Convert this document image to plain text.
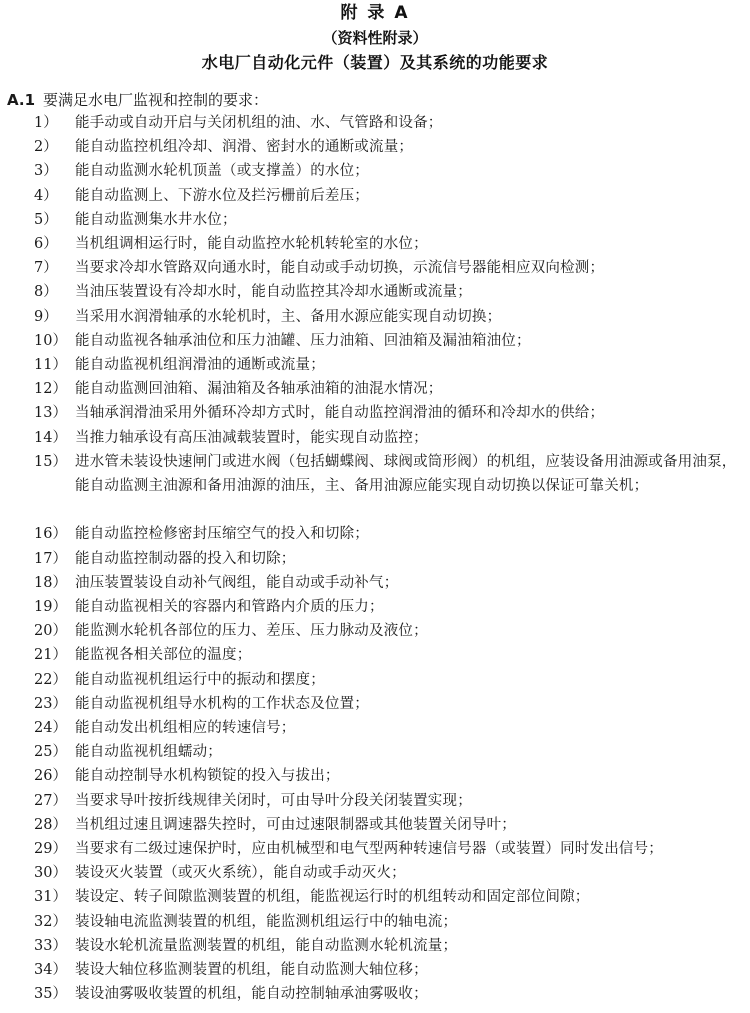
附 录 A
（资料性附录）
水电厂自动化元件（装置）及其系统的功能要求
A.1 要满足水电厂监视和控制的要求：
1）	能手动或自动开启与关闭机组的油、水、气管路和设备；
2）	能自动监控机组冷却、润滑、密封水的通断或流量；
3）	能自动监测水轮机顶盖（或支撑盖）的水位；
4）	能自动监测上、下游水位及拦污栅前后差压；
5）	能自动监测集水井水位；
6）	当机组调相运行时，能自动监控水轮机转轮室的水位；
7）	当要求冷却水管路双向通水时，能自动或手动切换，示流信号器能相应双向检测；
8）	当油压装置设有冷却水时，能自动监控其冷却水通断或流量；
9）	当采用水润滑轴承的水轮机时，主、备用水源应能实现自动切换；
10） 能自动监视各轴承油位和压力油罐、压力油箱、回油箱及漏油箱油位；
11） 能自动监视机组润滑油的通断或流量；
12） 能自动监测回油箱、漏油箱及各轴承油箱的油混水情况；
13） 当轴承润滑油采用外循环冷却方式时，能自动监控润滑油的循环和冷却水的供给；
14） 当推力轴承设有高压油减载装置时，能实现自动监控；
15） 进水管未装设快速闸门或进水阀（包括蝴蝶阀、球阀或筒形阀）的机组，应装设备用油源或备用油泵，能自动监测主油源和备用油源的油压，主、备用油源应能实现自动切换以保证可靠关机；
16） 能自动监控检修密封压缩空气的投入和切除；
17） 能自动监控制动器的投入和切除；
18） 油压装置装设自动补气阀组，能自动或手动补气；
19） 能自动监视相关的容器内和管路内介质的压力；
20） 能监测水轮机各部位的压力、差压、压力脉动及液位；
21） 能监视各相关部位的温度；
22） 能自动监视机组运行中的振动和摆度；
23） 能自动监视机组导水机构的工作状态及位置；
24） 能自动发出机组相应的转速信号；
25） 能自动监视机组蠕动；
26） 能自动控制导水机构锁锭的投入与拔出；
27） 当要求导叶按折线规律关闭时，可由导叶分段关闭装置实现；
28） 当机组过速且调速器失控时，可由过速限制器或其他装置关闭导叶；
29） 当要求有二级过速保护时，应由机械型和电气型两种转速信号器（或装置）同时发出信号；
30） 装设灭火装置（或灭火系统），能自动或手动灭火；
31） 装设定、转子间隙监测装置的机组，能监视运行时的机组转动和固定部位间隙；
32） 装设轴电流监测装置的机组，能监测机组运行中的轴电流；
33） 装设水轮机流量监测装置的机组，能自动监测水轮机流量；
34） 装设大轴位移监测装置的机组，能自动监测大轴位移；
35） 装设油雾吸收装置的机组，能自动控制轴承油雾吸收；
